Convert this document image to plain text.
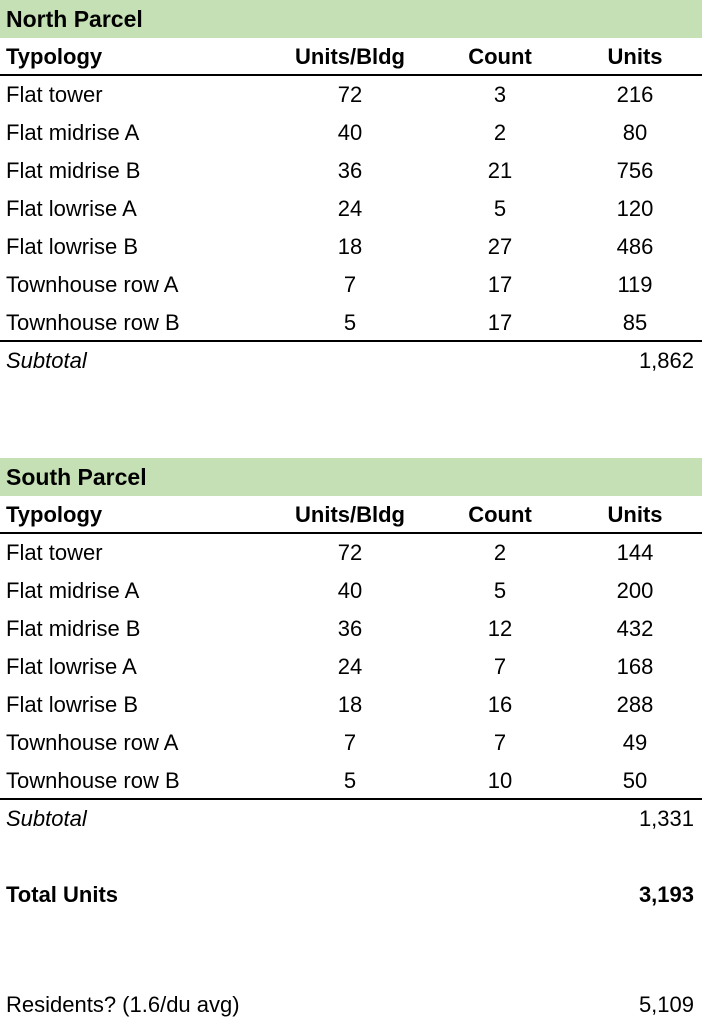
North Parcel
Typology	Units/Bldg	Count	Units
Flat tower	72	3	216
Flat midrise A	40	2	80
Flat midrise B	36	21	756
Flat lowrise A	24	5	120
Flat lowrise B	18	27	486
Townhouse row A	7	17	119
Townhouse row B	5	17	85
Subtotal	1,862
South Parcel
Typology	Units/Bldg	Count	Units
Flat tower	72	2	144
Flat midrise A	40	5	200
Flat midrise B	36	12	432
Flat lowrise A	24	7	168
Flat lowrise B	18	16	288
Townhouse row A	7	7	49
Townhouse row B	5	10	50
Subtotal	1,331
Total Units	3,193
Residents? (1.6/du avg)	5,109
